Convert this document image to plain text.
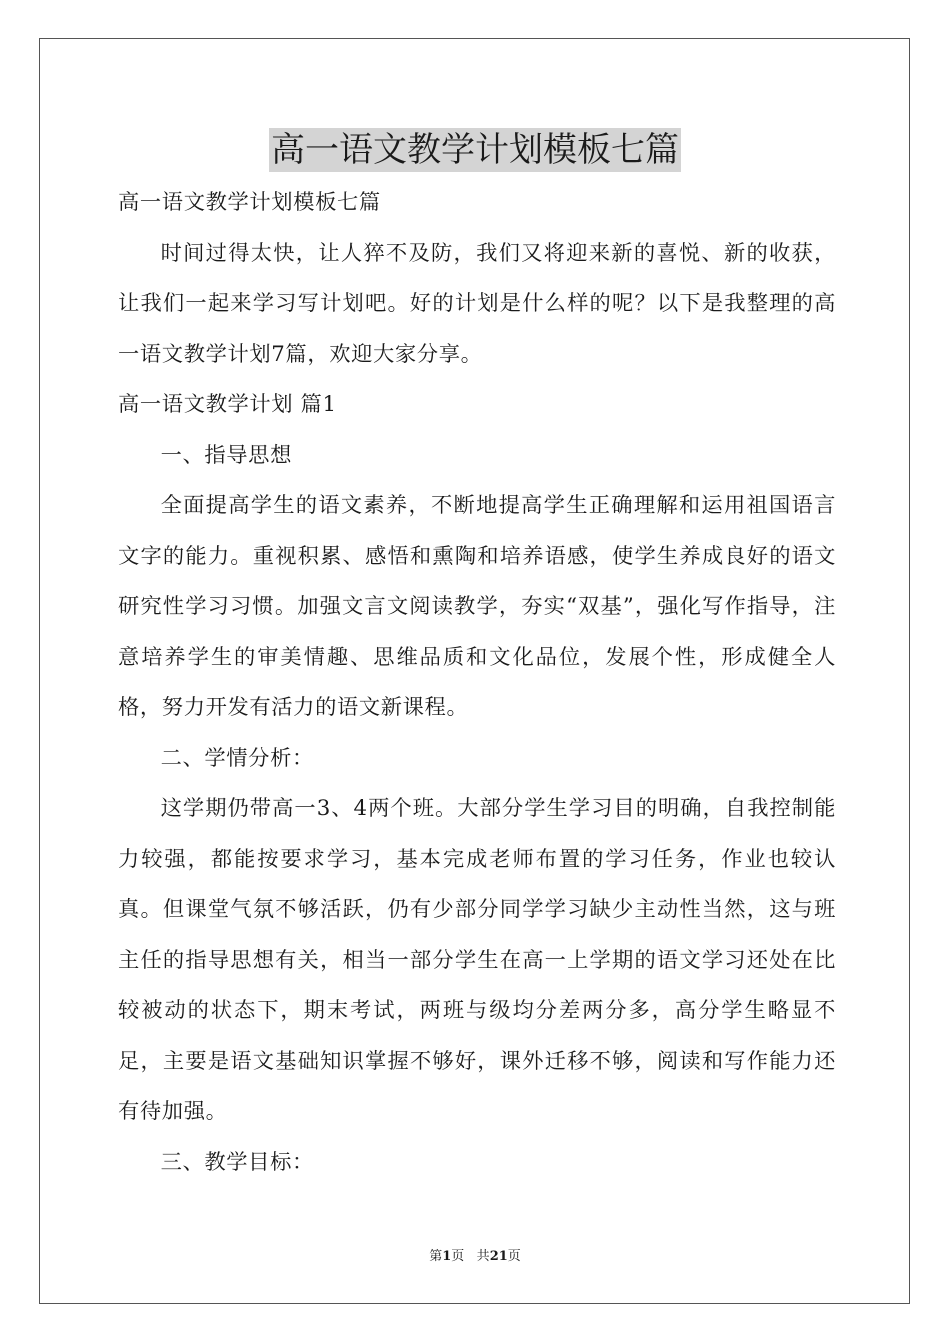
高一语文教学计划模板七篇

高一语文教学计划模板七篇

时间过得太快，让人猝不及防，我们又将迎来新的喜悦、新的收获，让我们一起来学习写计划吧。好的计划是什么样的呢？以下是我整理的高一语文教学计划7篇，欢迎大家分享。

高一语文教学计划 篇1

一、指导思想

全面提高学生的语文素养，不断地提高学生正确理解和运用祖国语言文字的能力。重视积累、感悟和熏陶和培养语感，使学生养成良好的语文研究性学习习惯。加强文言文阅读教学，夯实“双基”，强化写作指导，注意培养学生的审美情趣、思维品质和文化品位，发展个性，形成健全人格，努力开发有活力的语文新课程。

二、学情分析：

这学期仍带高一3、4两个班。大部分学生学习目的明确，自我控制能力较强，都能按要求学习，基本完成老师布置的学习任务，作业也较认真。但课堂气氛不够活跃，仍有少部分同学学习缺少主动性当然，这与班主任的指导思想有关，相当一部分学生在高一上学期的语文学习还处在比较被动的状态下，期末考试，两班与级均分差两分多，高分学生略显不足，主要是语文基础知识掌握不够好，课外迁移不够，阅读和写作能力还有待加强。

三、教学目标：

第1页 共21页
